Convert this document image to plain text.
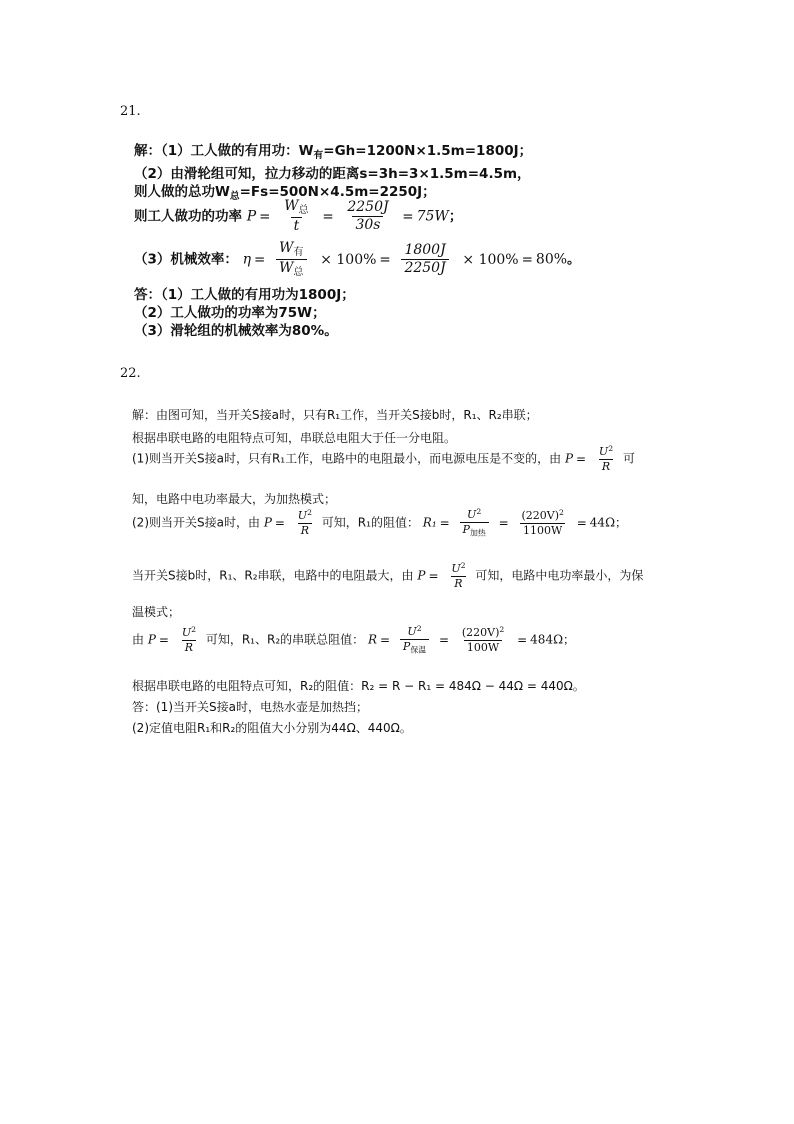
21.
解：（1）工人做的有用功：$W_有=Gh=1200N\times 1.5m=1800J$；
（2）由滑轮组可知，拉力移动的距离s=3h=3×1.5m=4.5m，
则人做的总功$W_总=Fs=500N\times 4.5m=2250J$；
则工人做功的功率 $P = \frac{W_总}{t} = \frac{2250J}{30s} = 75W$；
（3）机械效率： $\eta = \frac{W_有}{W_总} \times 100\% = \frac{1800J}{2250J} \times 100\% = 80\%$。
答：（1）工人做的有用功为1800J；
（2）工人做功的功率为75W；
（3）滑轮组的机械效率为80%。
22.
解：由图可知，当开关S接a时，只有R₁工作，当开关S接b时，R₁、R₂串联；
根据串联电路的电阻特点可知，串联总电阻大于任一分电阻。
(1)则当开关S接a时，只有R₁工作，电路中的电阻最小，而电源电压是不变的，由 $P = \frac{U^2}{R}$ 可
知，电路中电功率最大，为加热模式；
(2)则当开关S接a时，由 $P = \frac{U^2}{R}$ 可知，R₁的阻值： $R_1 = \frac{U^2}{P_{加热}} = \frac{(220V)^2}{1100W} = 44\Omega$；
当开关S接b时，R₁、R₂串联，电路中的电阻最大，由 $P = \frac{U^2}{R}$ 可知，电路中电功率最小，为保
温模式；
由 $P = \frac{U^2}{R}$ 可知，R₁、R₂的串联总阻值： $R = \frac{U^2}{P_{保温}} = \frac{(220V)^2}{100W} = 484\Omega$；
根据串联电路的电阻特点可知，R₂的阻值：R₂ = R − R₁ = 484Ω − 44Ω = 440Ω。
答：(1)当开关S接a时，电热水壶是加热挡；
(2)定值电阻R₁和R₂的阻值大小分别为44Ω、440Ω。
